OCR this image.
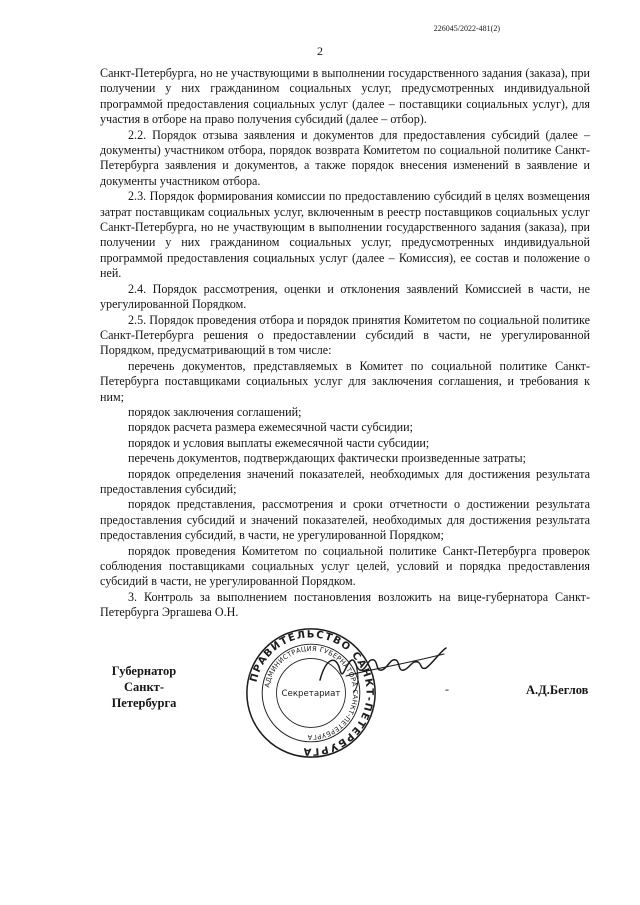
226045/2022-481(2)
2

Санкт-Петербурга, но не участвующими в выполнении государственного задания (заказа), при получении у них гражданином социальных услуг, предусмотренных индивидуальной программой предоставления социальных услуг (далее – поставщики социальных услуг), для участия в отборе на право получения субсидий (далее – отбор).

2.2. Порядок отзыва заявления и документов для предоставления субсидий (далее – документы) участником отбора, порядок возврата Комитетом по социальной политике Санкт-Петербурга заявления и документов, а также порядок внесения изменений в заявление и документы участником отбора.

2.3. Порядок формирования комиссии по предоставлению субсидий в целях возмещения затрат поставщикам социальных услуг, включенным в реестр поставщиков социальных услуг Санкт-Петербурга, но не участвующим в выполнении государственного задания (заказа), при получении у них гражданином социальных услуг, предусмотренных индивидуальной программой предоставления социальных услуг (далее – Комиссия), ее состав и положение о ней.

2.4. Порядок рассмотрения, оценки и отклонения заявлений Комиссией в части, не урегулированной Порядком.

2.5. Порядок проведения отбора и порядок принятия Комитетом по социальной политике Санкт-Петербурга решения о предоставлении субсидий в части, не урегулированной Порядком, предусматривающий в том числе:

перечень документов, представляемых в Комитет по социальной политике Санкт-Петербурга поставщиками социальных услуг для заключения соглашения, и требования к ним;

порядок заключения соглашений;

порядок расчета размера ежемесячной части субсидии;

порядок и условия выплаты ежемесячной части субсидии;

перечень документов, подтверждающих фактически произведенные затраты;

порядок определения значений показателей, необходимых для достижения результата предоставления субсидий;

порядок представления, рассмотрения и сроки отчетности о достижении результата предоставления субсидий и значений показателей, необходимых для достижения результата предоставления субсидий, в части, не урегулированной Порядком;

порядок проведения Комитетом по социальной политике Санкт-Петербурга проверок соблюдения поставщиками социальных услуг целей, условий и порядка предоставления субсидий в части, не урегулированной Порядком.

3. Контроль за выполнением постановления возложить на вице-губернатора Санкт-Петербурга Эргашева О.Н.

Губернатор
Санкт-Петербурга
ПРАВИТЕЛЬСТВО САНКТ-ПЕТЕРБУРГА
АДМИНИСТРАЦИЯ ГУБЕРНАТОРА САНКТ-ПЕТЕРБУРГА
Секретариат	-	А.Д.Беглов
